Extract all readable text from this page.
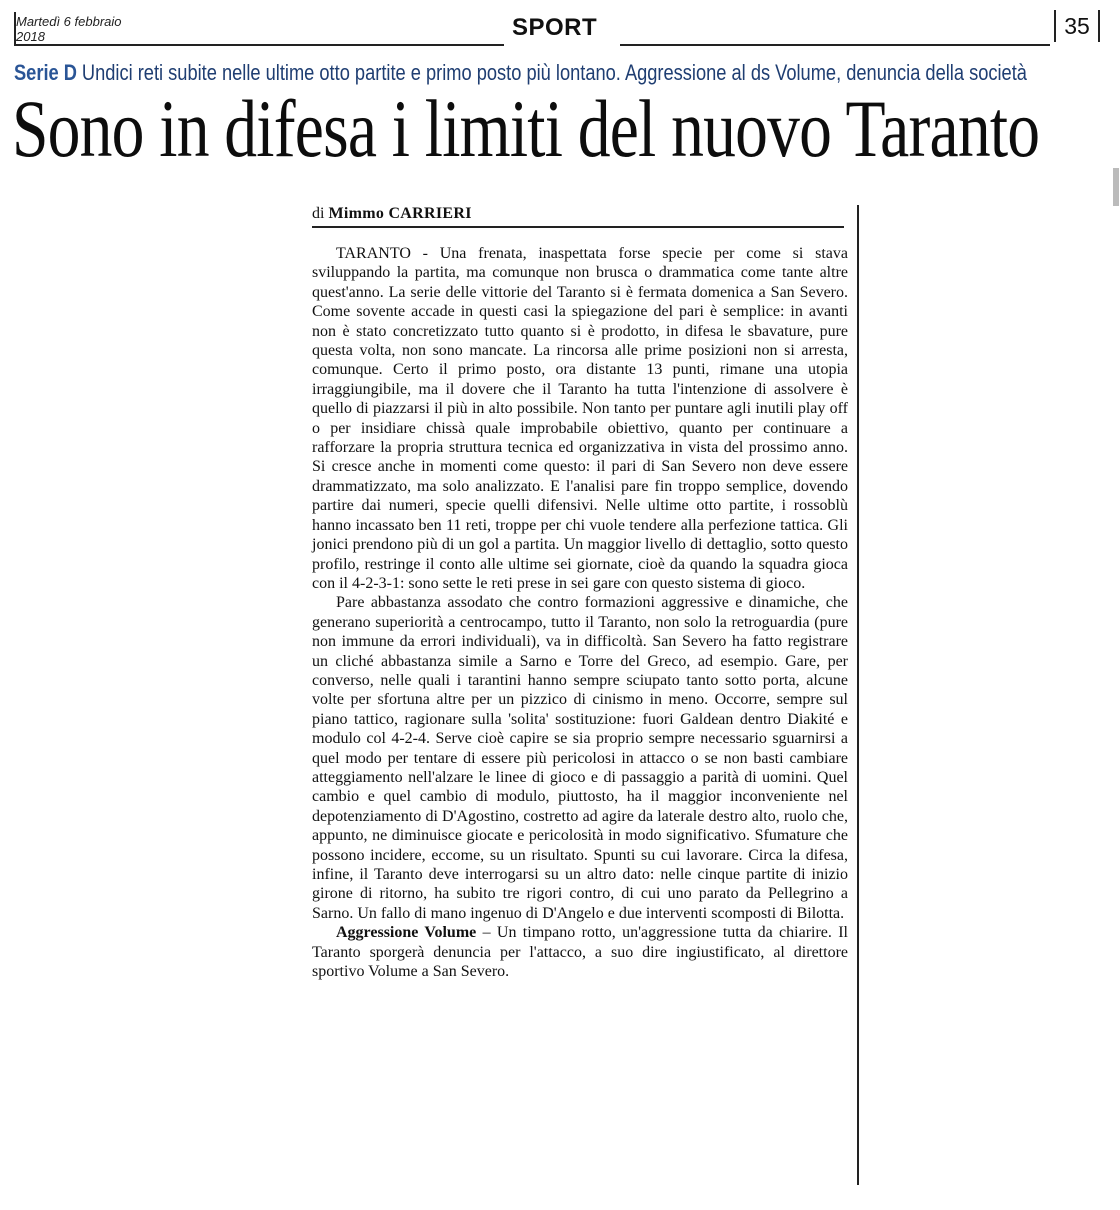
Martedì 6 febbraio
2018	SPORT	35
Serie D Undici reti subite nelle ultime otto partite e primo posto più lontano. Aggressione al ds Volume, denuncia della società
Sono in difesa i limiti del nuovo Taranto
di Mimmo CARRIERI

TARANTO - Una frenata, inaspettata forse specie per come si stava sviluppando la partita, ma comunque non brusca o drammatica come tante altre quest'anno. La serie delle vittorie del Taranto si è fermata domenica a San Severo. Come sovente accade in questi casi la spiegazione del pari è semplice: in avanti non è stato concretizzato tutto quanto si è prodotto, in difesa le sbavature, pure questa volta, non sono mancate. La rincorsa alle prime posizioni non si arresta, comunque. Certo il primo posto, ora distante 13 punti, rimane una utopia irraggiungibile, ma il dovere che il Taranto ha tutta l'intenzione di assolvere è quello di piazzarsi il più in alto possibile. Non tanto per puntare agli inutili play off o per insidiare chissà quale improbabile obiettivo, quanto per continuare a rafforzare la propria struttura tecnica ed organizzativa in vista del prossimo anno. Si cresce anche in momenti come questo: il pari di San Severo non deve essere drammatizzato, ma solo analizzato. E l'analisi pare fin troppo semplice, dovendo partire dai numeri, specie quelli difensivi. Nelle ultime otto partite, i rossoblù hanno incassato ben 11 reti, troppe per chi vuole tendere alla perfezione tattica. Gli jonici prendono più di un gol a partita. Un maggior livello di dettaglio, sotto questo profilo, restringe il conto alle ultime sei giornate, cioè da quando la squadra gioca con il 4-2-3-1: sono sette le reti prese in sei gare con questo sistema di gioco.

Pare abbastanza assodato che contro formazioni aggressive e dinamiche, che generano superiorità a centrocampo, tutto il Taranto, non solo la retroguardia (pure non immune da errori individuali), va in difficoltà. San Severo ha fatto registrare un cliché abbastanza simile a Sarno e Torre del Greco, ad esempio. Gare, per converso, nelle quali i tarantini hanno sempre sciupato tanto sotto porta, alcune volte per sfortuna altre per un pizzico di cinismo in meno. Occorre, sempre sul piano tattico, ragionare sulla 'solita' sostituzione: fuori Galdean dentro Diakité e modulo col 4-2-4. Serve cioè capire se sia proprio sempre necessario sguarnirsi a quel modo per tentare di essere più pericolosi in attacco o se non basti cambiare atteggiamento nell'alzare le linee di gioco e di passaggio a parità di uomini. Quel cambio e quel cambio di modulo, piuttosto, ha il maggior inconveniente nel depotenziamento di D'Agostino, costretto ad agire da laterale destro alto, ruolo che, appunto, ne diminuisce giocate e pericolosità in modo significativo. Sfumature che possono incidere, eccome, su un risultato. Spunti su cui lavorare. Circa la difesa, infine, il Taranto deve interrogarsi su un altro dato: nelle cinque partite di inizio girone di ritorno, ha subito tre rigori contro, di cui uno parato da Pellegrino a Sarno. Un fallo di mano ingenuo di D'Angelo e due interventi scomposti di Bilotta.

Aggressione Volume – Un timpano rotto, un'aggressione tutta da chiarire. Il Taranto sporgerà denuncia per l'attacco, a suo dire ingiustificato, al direttore sportivo Volume a San Severo.
